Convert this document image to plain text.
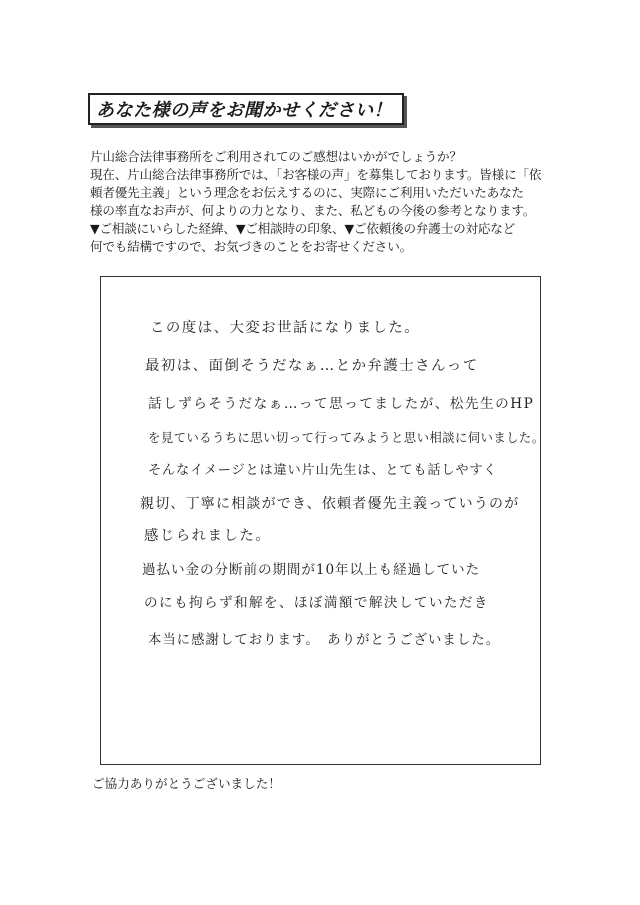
あなた様の声をお聞かせください！
片山総合法律事務所をご利用されてのご感想はいかがでしょうか？
現在、片山総合法律事務所では、「お客様の声」を募集しております。皆様に「依
頼者優先主義」という理念をお伝えするのに、実際にご利用いただいたあなた
様の率直なお声が、何よりの力となり、また、私どもの今後の参考となります。
▼ご相談にいらした経緯、▼ご相談時の印象、▼ご依頼後の弁護士の対応など
何でも結構ですので、お気づきのことをお寄せください。
この度は、大変お世話になりました。
最初は、面倒そうだなぁ…とか弁護士さんって
話しずらそうだなぁ…って思ってましたが、松先生のHP
を見ているうちに思い切って行ってみようと思い相談に伺いました。
そんなイメージとは違い片山先生は、とても話しやすく
親切、丁寧に相談ができ、依頼者優先主義っていうのが
感じられました。
過払い金の分断前の期間が10年以上も経過していた
のにも拘らず和解を、ほぼ満額で解決していただき
本当に感謝しております。　ありがとうございました。
ご協力ありがとうございました！
